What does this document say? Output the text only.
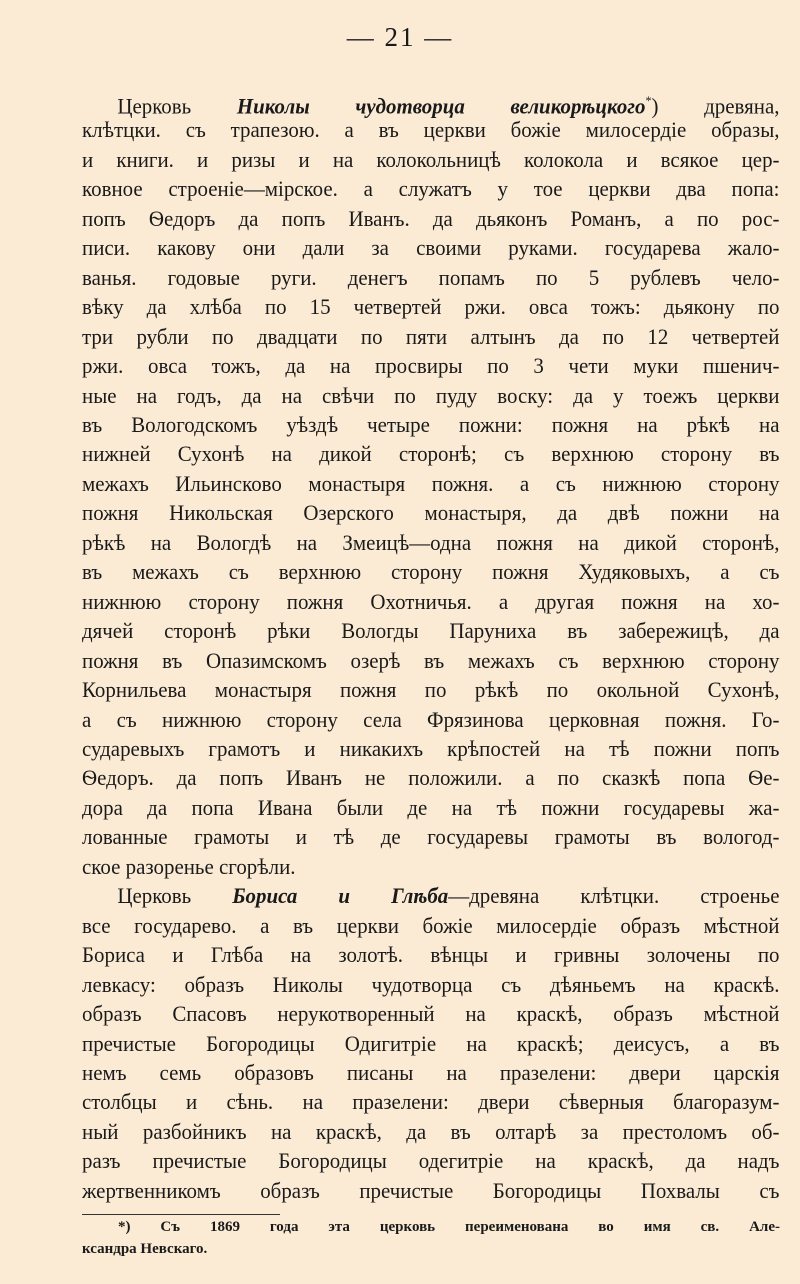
— 21 —
Церковь Николы чудотворца великорѣцкого*) древяна,
клѣтцки. съ трапезою. а въ церкви божіе милосердіе образы,
и книги. и ризы и на колокольницѣ колокола и всякое цер-
ковное строеніе—мірское. а служатъ у тое церкви два попа:
попъ Ѳедоръ да попъ Иванъ. да дьяконъ Романъ, а по рос-
писи. какову они дали за своими руками. государева жало-
ванья. годовые руги. денегъ попамъ по 5 рублевъ чело-
вѣку да хлѣба по 15 четвертей ржи. овса тожъ: дьякону по
три рубли по двадцати по пяти алтынъ да по 12 четвертей
ржи. овса тожъ, да на просвиры по 3 чети муки пшенич-
ные на годъ, да на свѣчи по пуду воску: да у тоежъ церкви
въ Вологодскомъ уѣздѣ четыре пожни: пожня на рѣкѣ на
нижней Сухонѣ на дикой сторонѣ; съ верхнюю сторону въ
межахъ Ильинсково монастыря пожня. а съ нижнюю сторону
пожня Никольская Озерского монастыря, да двѣ пожни на
рѣкѣ на Вологдѣ на Змеицѣ—одна пожня на дикой сторонѣ,
въ межахъ съ верхнюю сторону пожня Худяковыхъ, а съ
нижнюю сторону пожня Охотничья. а другая пожня на хо-
дячей сторонѣ рѣки Вологды Паруниха въ забережицѣ, да
пожня въ Опазимскомъ озерѣ въ межахъ съ верхнюю сторону
Корнильева монастыря пожня по рѣкѣ по окольной Сухонѣ,
а съ нижнюю сторону села Фрязинова церковная пожня. Го-
сударевыхъ грамотъ и никакихъ крѣпостей на тѣ пожни попъ
Ѳедоръ. да попъ Иванъ не положили. а по сказкѣ попа Ѳе-
дора да попа Ивана были де на тѣ пожни государевы жа-
лованные грамоты и тѣ де государевы грамоты въ вологод-
ское разоренье сгорѣли.
Церковь Бориса и Глѣба—древяна клѣтцки. строенье
все государево. а въ церкви божіе милосердіе образъ мѣстной
Бориса и Глѣба на золотѣ. вѣнцы и гривны золочены по
левкасу: образъ Николы чудотворца съ дѣяньемъ на краскѣ.
образъ Спасовъ нерукотворенный на краскѣ, образъ мѣстной
пречистые Богородицы Одигитріе на краскѣ; деисусъ, а въ
немъ семь образовъ писаны на празелени: двери царскія
столбцы и сѣнь. на празелени: двери сѣверныя благоразум-
ный разбойникъ на краскѣ, да въ олтарѣ за престоломъ об-
разъ пречистые Богородицы одегитріе на краскѣ, да надъ
жертвенникомъ образъ пречистые Богородицы Похвалы съ
*) Съ 1869 года эта церковь переименована во имя св. Але-
ксандра Невскаго.
